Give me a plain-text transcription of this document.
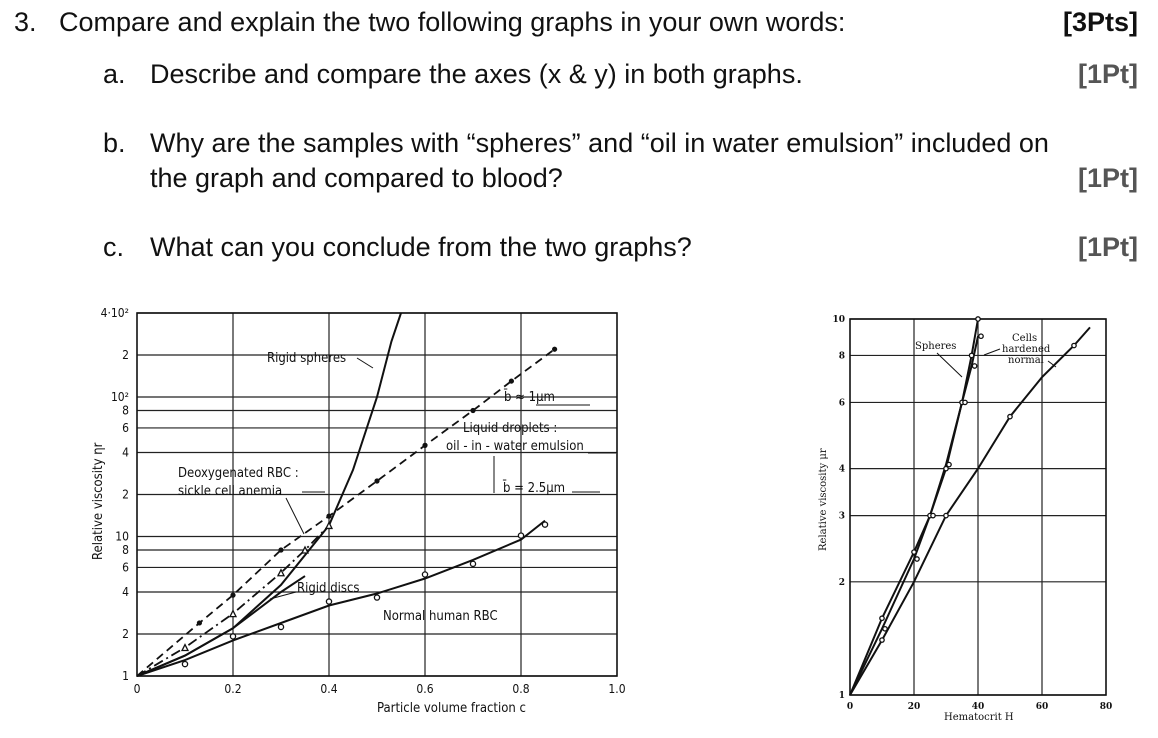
3. Compare and explain the two following graphs in your own words:	[3Pts]
a. Describe and compare the axes (x & y) in both graphs.	[1Pt]
b. Why are the samples with “spheres” and “oil in water emulsion” included on
the graph and compared to blood?	[1Pt]
c. What can you conclude from the two graphs?	[1Pt]
1
2
4
6
8
10
2
4
6
8
10²
2
4·10²
0	0.2	0.4	0.6	0.8	1.0
Rigid spheres
b̄ ≈ 1μm
Liquid droplets :
oil - in - water emulsion
b̄ = 2.5μm
Deoxygenated RBC :
sickle cell anemia
Rigid discs
Normal human RBC
Particle volume fraction c
Relative viscosity ηr
1
2
3
4
6
8
10
0	20	40	60	80
Spheres
Cells
hardened
normal
Hematocrit H
Relative viscosity μr
